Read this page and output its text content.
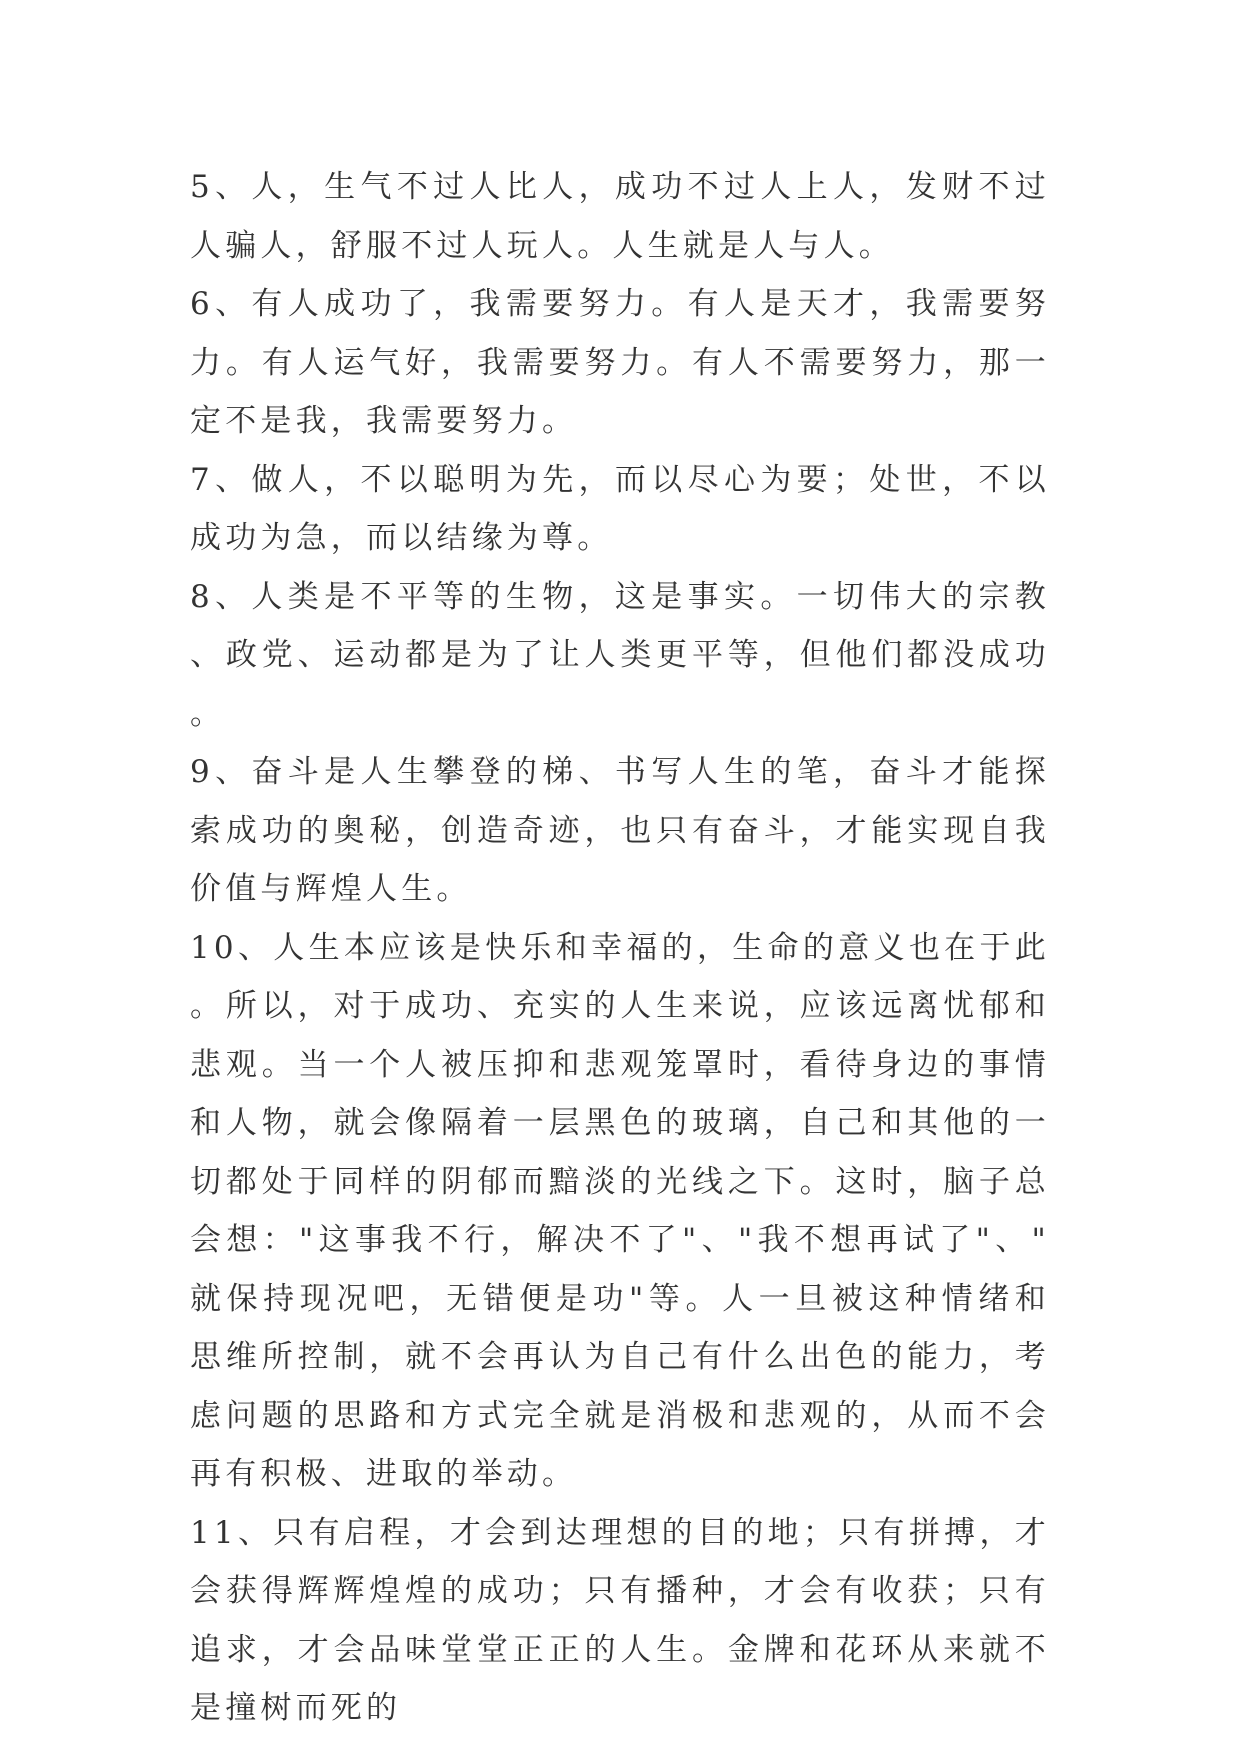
5、人，生气不过人比人，成功不过人上人，发财不过人骗人，舒服不过人玩人。人生就是人与人。

6、有人成功了，我需要努力。有人是天才，我需要努力。有人运气好，我需要努力。有人不需要努力，那一定不是我，我需要努力。

7、做人，不以聪明为先，而以尽心为要；处世，不以成功为急，而以结缘为尊。

8、人类是不平等的生物，这是事实。一切伟大的宗教、政党、运动都是为了让人类更平等，但他们都没成功。

9、奋斗是人生攀登的梯、书写人生的笔，奋斗才能探索成功的奥秘，创造奇迹，也只有奋斗，才能实现自我价值与辉煌人生。

10、人生本应该是快乐和幸福的，生命的意义也在于此。所以，对于成功、充实的人生来说，应该远离忧郁和悲观。当一个人被压抑和悲观笼罩时，看待身边的事情和人物，就会像隔着一层黑色的玻璃，自己和其他的一切都处于同样的阴郁而黯淡的光线之下。这时，脑子总会想："这事我不行，解决不了"、"我不想再试了"、"就保持现况吧，无错便是功"等。人一旦被这种情绪和思维所控制，就不会再认为自己有什么出色的能力，考虑问题的思路和方式完全就是消极和悲观的，从而不会再有积极、进取的举动。

11、只有启程，才会到达理想的目的地；只有拼搏，才会获得辉辉煌煌的成功；只有播种，才会有收获；只有追求，才会品味堂堂正正的人生。金牌和花环从来就不是撞树而死的
